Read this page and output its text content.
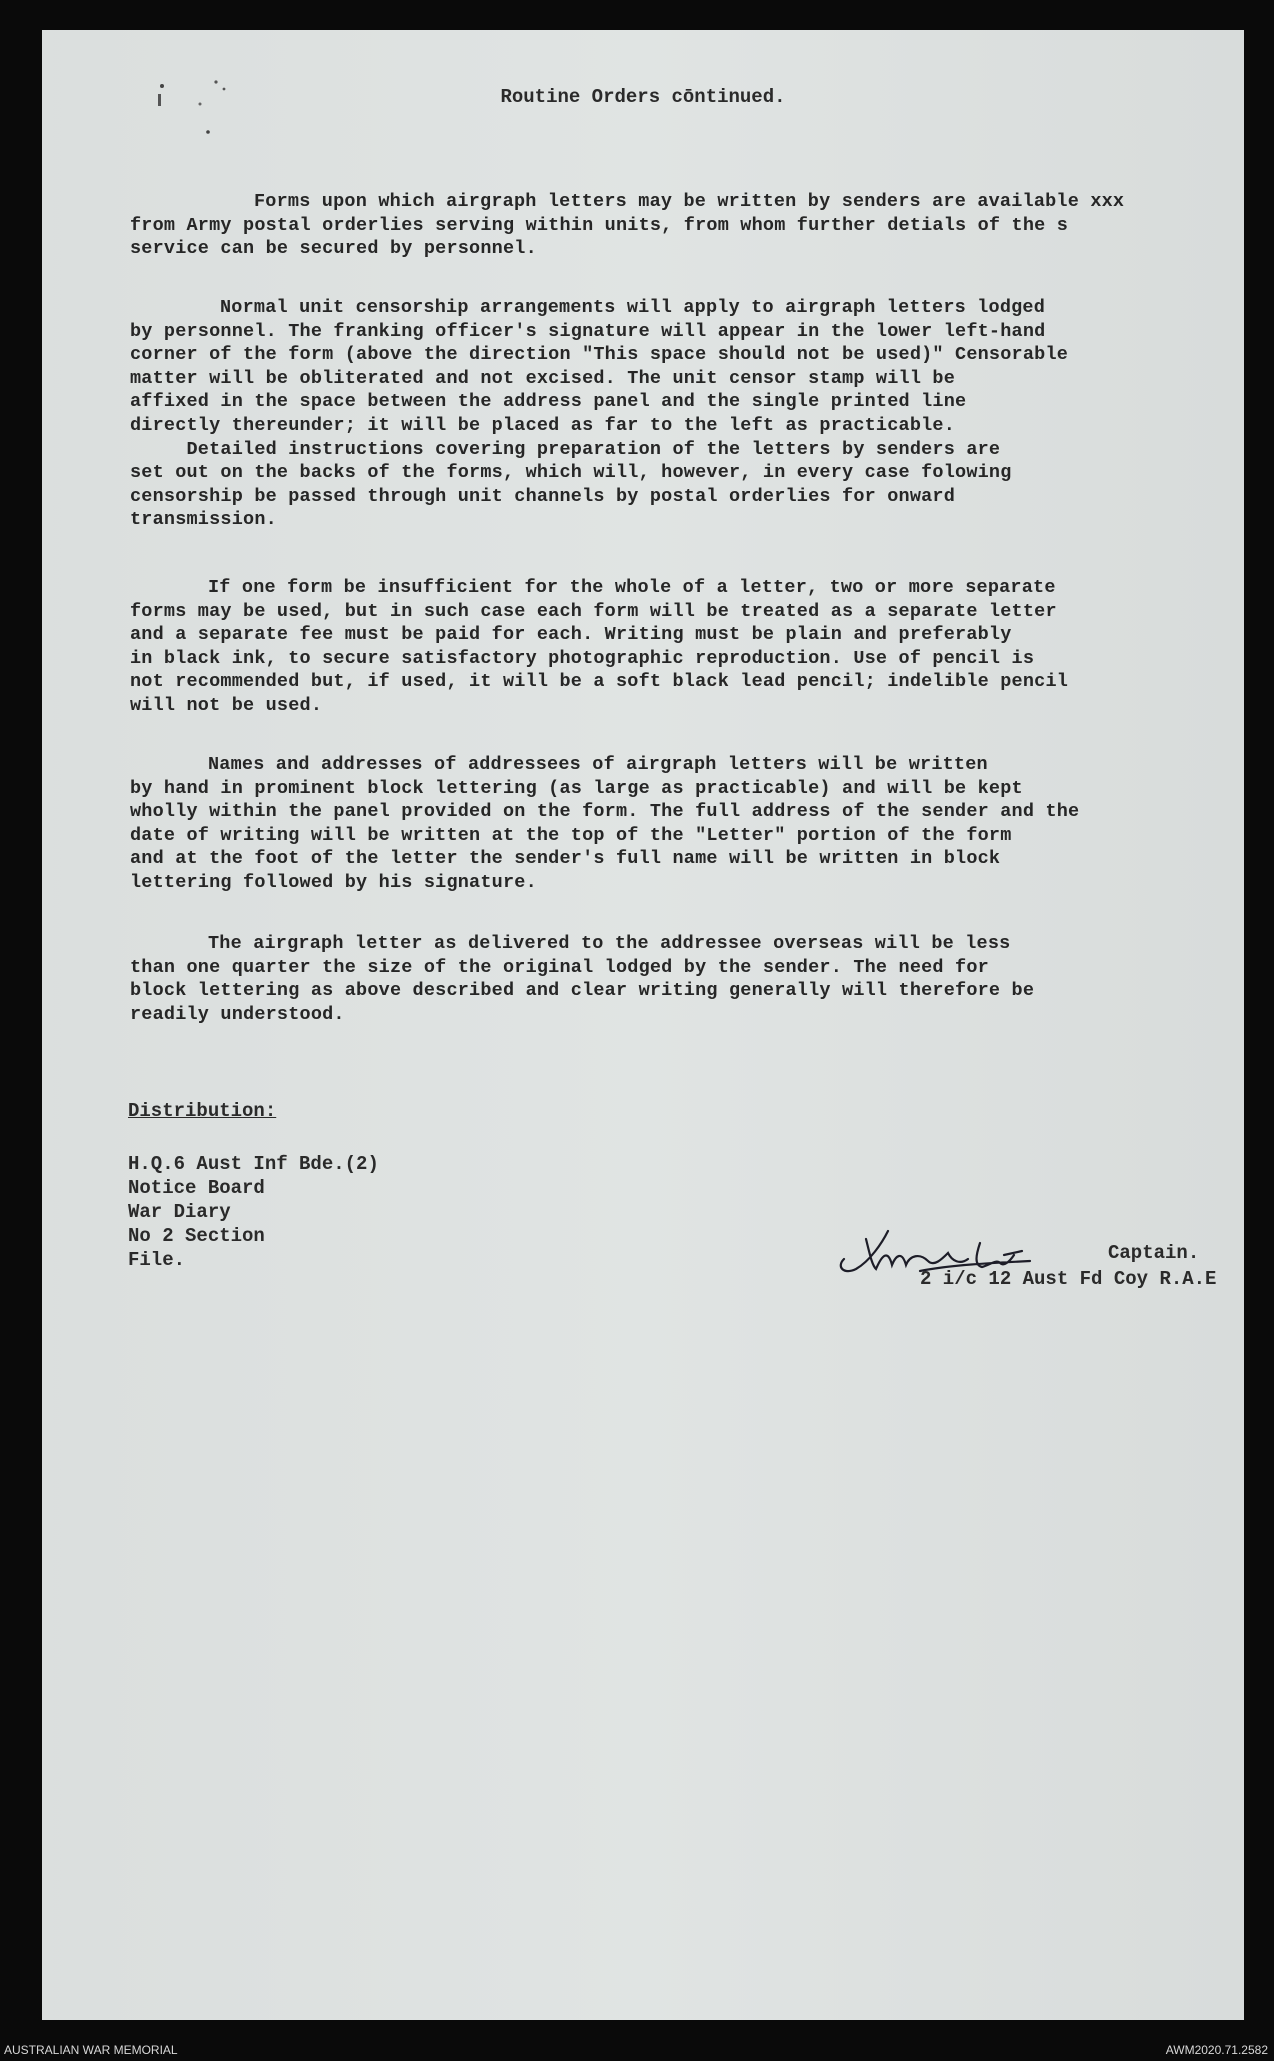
Routine Orders cōntinued.
Forms upon which airgraph letters may be written by senders are available xxx
from Army postal orderlies serving within units, from whom further detials of the s
service can be secured by personnel.
Normal unit censorship arrangements will apply to airgraph letters lodged
by personnel. The franking officer's signature will appear in the lower left-hand
corner of the form (above the direction "This space should not be used)" Censorable
matter will be obliterated and not excised. The unit censor stamp will be
affixed in the space between the address panel and the single printed line
directly thereunder; it will be placed as far to the left as practicable.
Detailed instructions covering preparation of the letters by senders are
set out on the backs of the forms, which will, however, in every case folowing
censorship be passed through unit channels by postal orderlies for onward
transmission.
If one form be insufficient for the whole of a letter, two or more separate
forms may be used, but in such case each form will be treated as a separate letter
and a separate fee must be paid for each. Writing must be plain and preferably
in black ink, to secure satisfactory photographic reproduction. Use of pencil is
not recommended but, if used, it will be a soft black lead pencil; indelible pencil
will not be used.
Names and addresses of addressees of airgraph letters will be written
by hand in prominent block lettering (as large as practicable) and will be kept
wholly within the panel provided on the form. The full address of the sender and the
date of writing will be written at the top of the "Letter" portion of the form
and at the foot of the letter the sender's full name will be written in block
lettering followed by his signature.
The airgraph letter as delivered to the addressee overseas will be less
than one quarter the size of the original lodged by the sender. The need for
block lettering as above described and clear writing generally will therefore be
readily understood.
Distribution:
H.Q.6 Aust Inf Bde.(2)
Notice Board
War Diary
No 2 Section
File.
JMWilliams Lieut
Captain.
2 i/c 12 Aust Fd Coy R.A.E
AUSTRALIAN WAR MEMORIAL	AWM2020.71.2582
